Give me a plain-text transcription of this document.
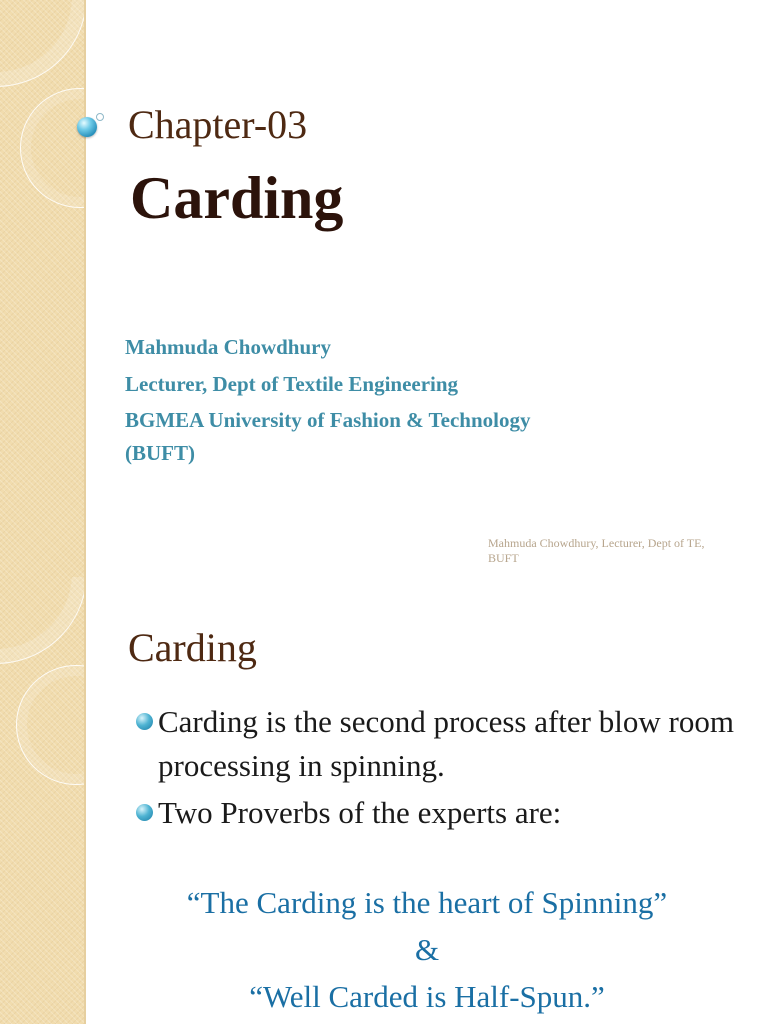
Chapter-03
Carding
Mahmuda Chowdhury
Lecturer, Dept of Textile Engineering
BGMEA University of Fashion & Technology
(BUFT)
Mahmuda Chowdhury, Lecturer, Dept of TE, BUFT
Carding
Carding is the second process after blow room processing in spinning.
Two Proverbs of the experts are:
“The Carding is the heart of Spinning”
&
“Well Carded is Half-Spun.”
